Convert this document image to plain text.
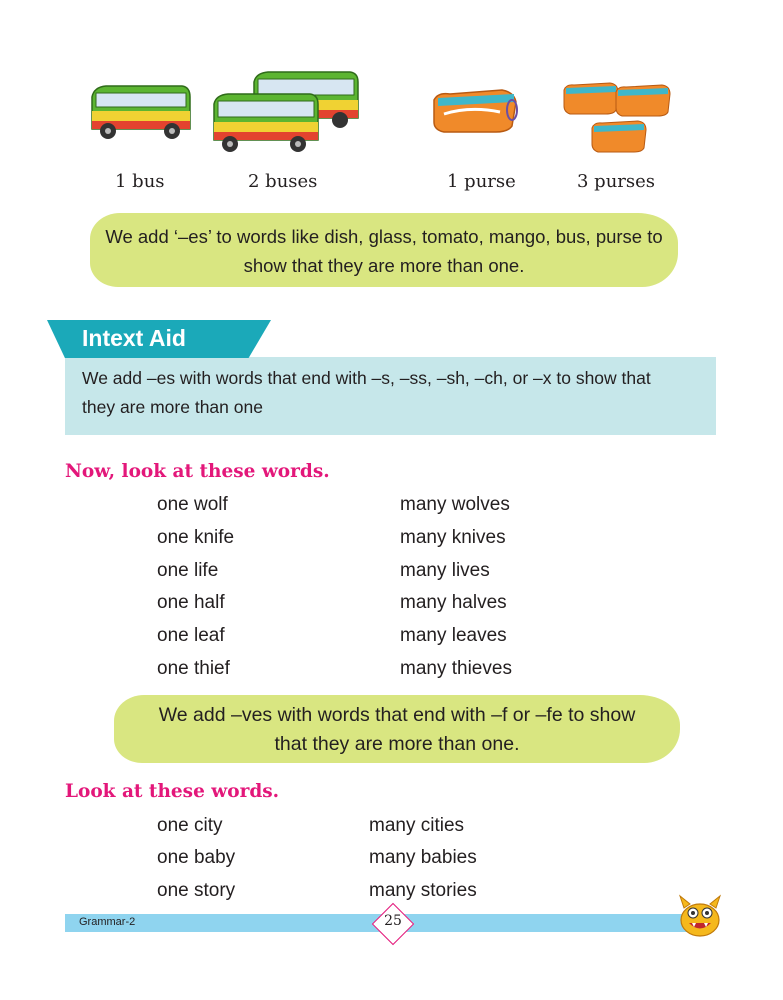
1 bus	2 buses	1 purse	3 purses
We add ‘–es’ to words like dish, glass, tomato, mango, bus, purse to
show that they are more than one.
Intext Aid
We add –es with words that end with –s, –ss, –sh, –ch, or –x to show that
they are more than one
Now, look at these words.
one wolf	many wolves
one knife	many knives
one life	many lives
one half	many halves
one leaf	many leaves
one thief	many thieves
We add –ves with words that end with –f or –fe to show
that they are more than one.
Look at these words.
one city	many cities
one baby	many babies
one story	many stories
Grammar-2	25
